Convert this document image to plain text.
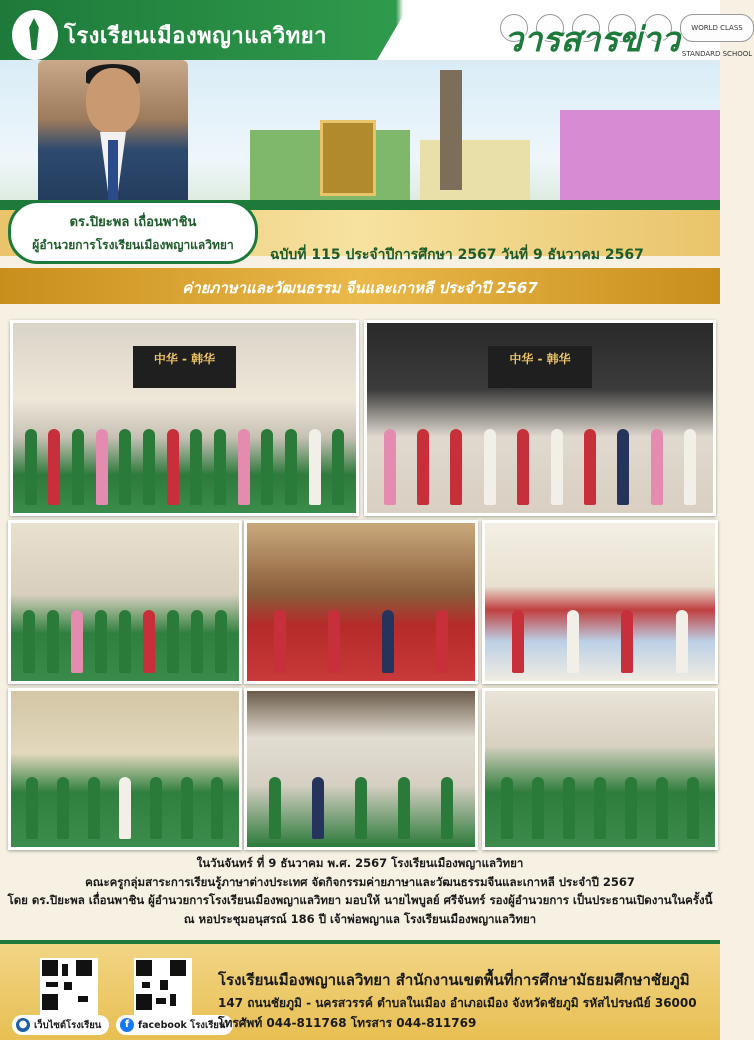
โรงเรียนเมืองพญาแลวิทยา	WORLD CLASS STANDARD SCHOOL
วารสารข่าว
ดร.ปิยะพล เถื่อนพาชิน
ผู้อำนวยการโรงเรียนเมืองพญาแลวิทยา
ฉบับที่ 115 ประจำปีการศึกษา 2567 วันที่ 9 ธันวาคม 2567
ค่ายภาษาและวัฒนธรรม จีนและเกาหลี ประจำปี 2567
中华 - 韩华	中华 - 韩华
ในวันจันทร์ ที่ 9 ธันวาคม พ.ศ. 2567 โรงเรียนเมืองพญาแลวิทยา
คณะครูกลุ่มสาระการเรียนรู้ภาษาต่างประเทศ จัดกิจกรรมค่ายภาษาและวัฒนธรรมจีนและเกาหลี ประจำปี 2567
โดย ดร.ปิยะพล เถื่อนพาชิน ผู้อำนวยการโรงเรียนเมืองพญาแลวิทยา มอบให้ นายไพบูลย์ ศรีจันทร์ รองผู้อำนวยการ เป็นประธานเปิดงานในครั้งนี้
ณ หอประชุมอนุสรณ์ 186 ปี เจ้าพ่อพญาแล โรงเรียนเมืองพญาแลวิทยา
● เว็บไซต์โรงเรียน	f facebook โรงเรียน
โรงเรียนเมืองพญาแลวิทยา สำนักงานเขตพื้นที่การศึกษามัธยมศึกษาชัยภูมิ
147 ถนนชัยภูมิ - นครสวรรค์ ตำบลในเมือง อำเภอเมือง จังหวัดชัยภูมิ รหัสไปรษณีย์ 36000
โทรศัพท์ 044-811768 โทรสาร 044-811769
